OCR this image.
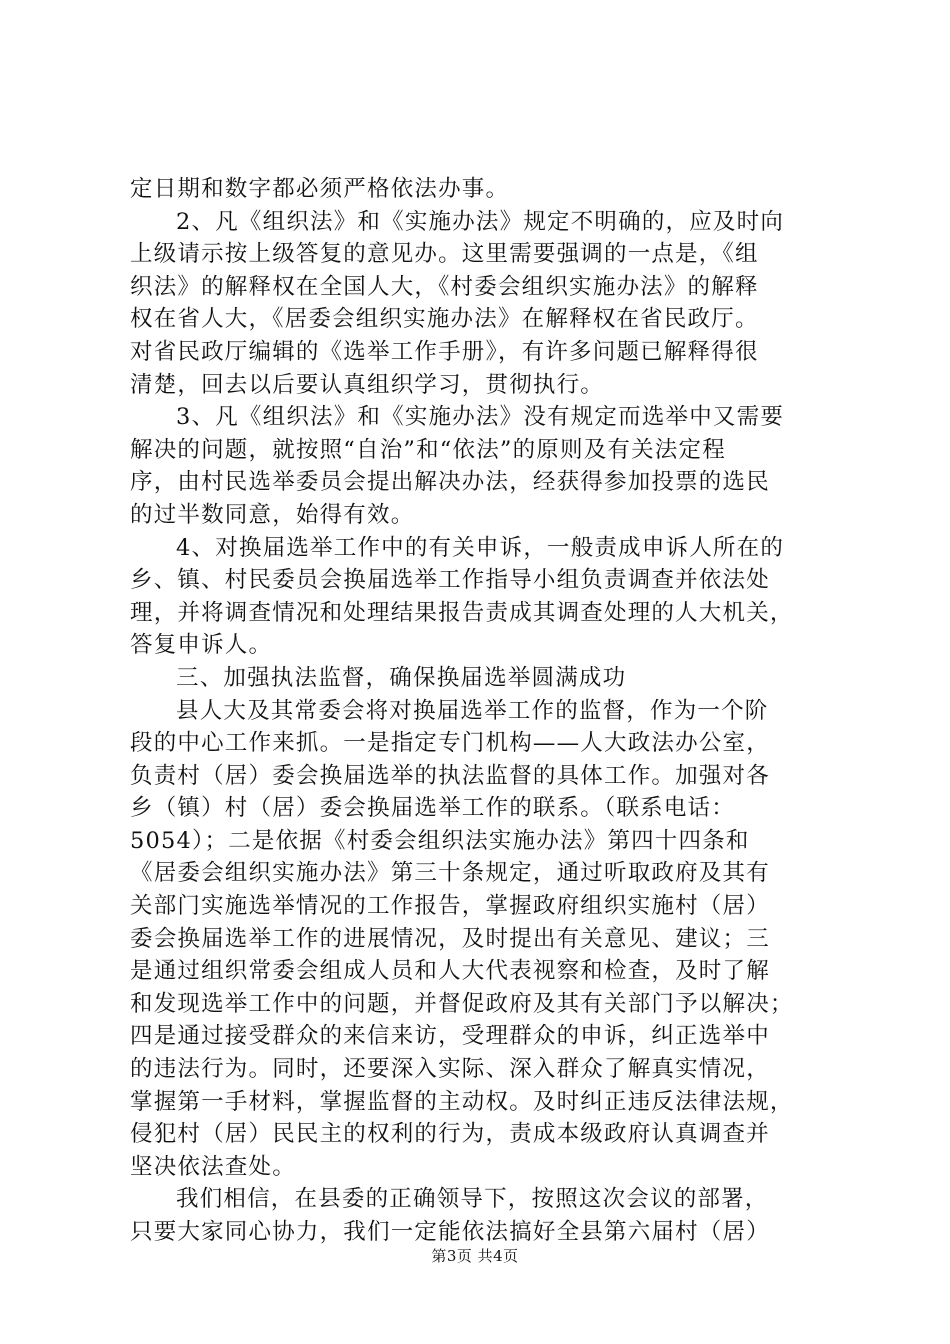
定日期和数字都必须严格依法办事。
2、凡《组织法》和《实施办法》规定不明确的，应及时向
上级请示按上级答复的意见办。这里需要强调的一点是，《组
织法》的解释权在全国人大，《村委会组织实施办法》的解释
权在省人大，《居委会组织实施办法》在解释权在省民政厅。
对省民政厅编辑的《选举工作手册》，有许多问题已解释得很
清楚，回去以后要认真组织学习，贯彻执行。
3、凡《组织法》和《实施办法》没有规定而选举中又需要
解决的问题，就按照“自治”和“依法”的原则及有关法定程
序，由村民选举委员会提出解决办法，经获得参加投票的选民
的过半数同意，始得有效。
4、对换届选举工作中的有关申诉，一般责成申诉人所在的
乡、镇、村民委员会换届选举工作指导小组负责调查并依法处
理，并将调查情况和处理结果报告责成其调查处理的人大机关，
答复申诉人。
三、加强执法监督，确保换届选举圆满成功
县人大及其常委会将对换届选举工作的监督，作为一个阶
段的中心工作来抓。一是指定专门机构——人大政法办公室，
负责村（居）委会换届选举的执法监督的具体工作。加强对各
乡（镇）村（居）委会换届选举工作的联系。（联系电话：
5054）；二是依据《村委会组织法实施办法》第四十四条和
《居委会组织实施办法》第三十条规定，通过听取政府及其有
关部门实施选举情况的工作报告，掌握政府组织实施村（居）
委会换届选举工作的进展情况，及时提出有关意见、建议；三
是通过组织常委会组成人员和人大代表视察和检查，及时了解
和发现选举工作中的问题，并督促政府及其有关部门予以解决；
四是通过接受群众的来信来访，受理群众的申诉，纠正选举中
的违法行为。同时，还要深入实际、深入群众了解真实情况，
掌握第一手材料，掌握监督的主动权。及时纠正违反法律法规，
侵犯村（居）民民主的权利的行为，责成本级政府认真调查并
坚决依法查处。
我们相信，在县委的正确领导下，按照这次会议的部署，
只要大家同心协力，我们一定能依法搞好全县第六届村（居）
第3页 共4页
